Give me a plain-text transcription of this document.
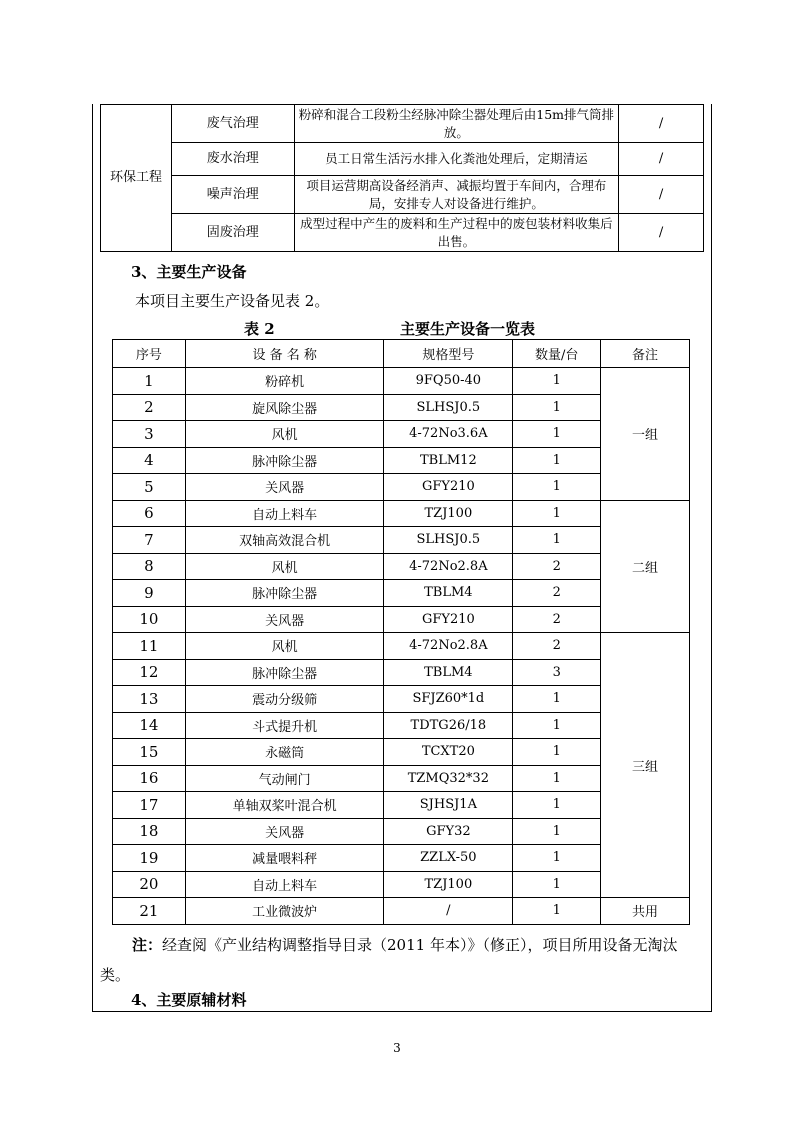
环保工程	废气治理	粉碎和混合工段粉尘经脉冲除尘器处理后由15m排气筒排放。	/
	废水治理	员工日常生活污水排入化粪池处理后，定期清运	/
	噪声治理	项目运营期高设备经消声、减振均置于车间内，合理布局，安排专人对设备进行维护。	/
	固废治理	成型过程中产生的废料和生产过程中的废包装材料收集后出售。	/
3、主要生产设备
本项目主要生产设备见表 2。
表 2	主要生产设备一览表
序号	设 备 名 称	规格型号	数量/台	备注
1	粉碎机	9FQ50-40	1	一组
2	旋风除尘器	SLHSJ0.5	1	
3	风机	4-72No3.6A	1	
4	脉冲除尘器	TBLM12	1	
5	关风器	GFY210	1	
6	自动上料车	TZJ100	1	二组
7	双轴高效混合机	SLHSJ0.5	1	
8	风机	4-72No2.8A	2	
9	脉冲除尘器	TBLM4	2	
10	关风器	GFY210	2	
11	风机	4-72No2.8A	2	三组
12	脉冲除尘器	TBLM4	3	
13	震动分级筛	SFJZ60*1d	1	
14	斗式提升机	TDTG26/18	1	
15	永磁筒	TCXT20	1	
16	气动闸门	TZMQ32*32	1	
17	单轴双桨叶混合机	SJHSJ1A	1	
18	关风器	GFY32	1	
19	减量喂料秤	ZZLX-50	1	
20	自动上料车	TZJ100	1	
21	工业微波炉	/	1	共用
注：经查阅《产业结构调整指导目录（2011 年本）》（修正），项目所用设备无淘汰类。
4、主要原辅材料
3
